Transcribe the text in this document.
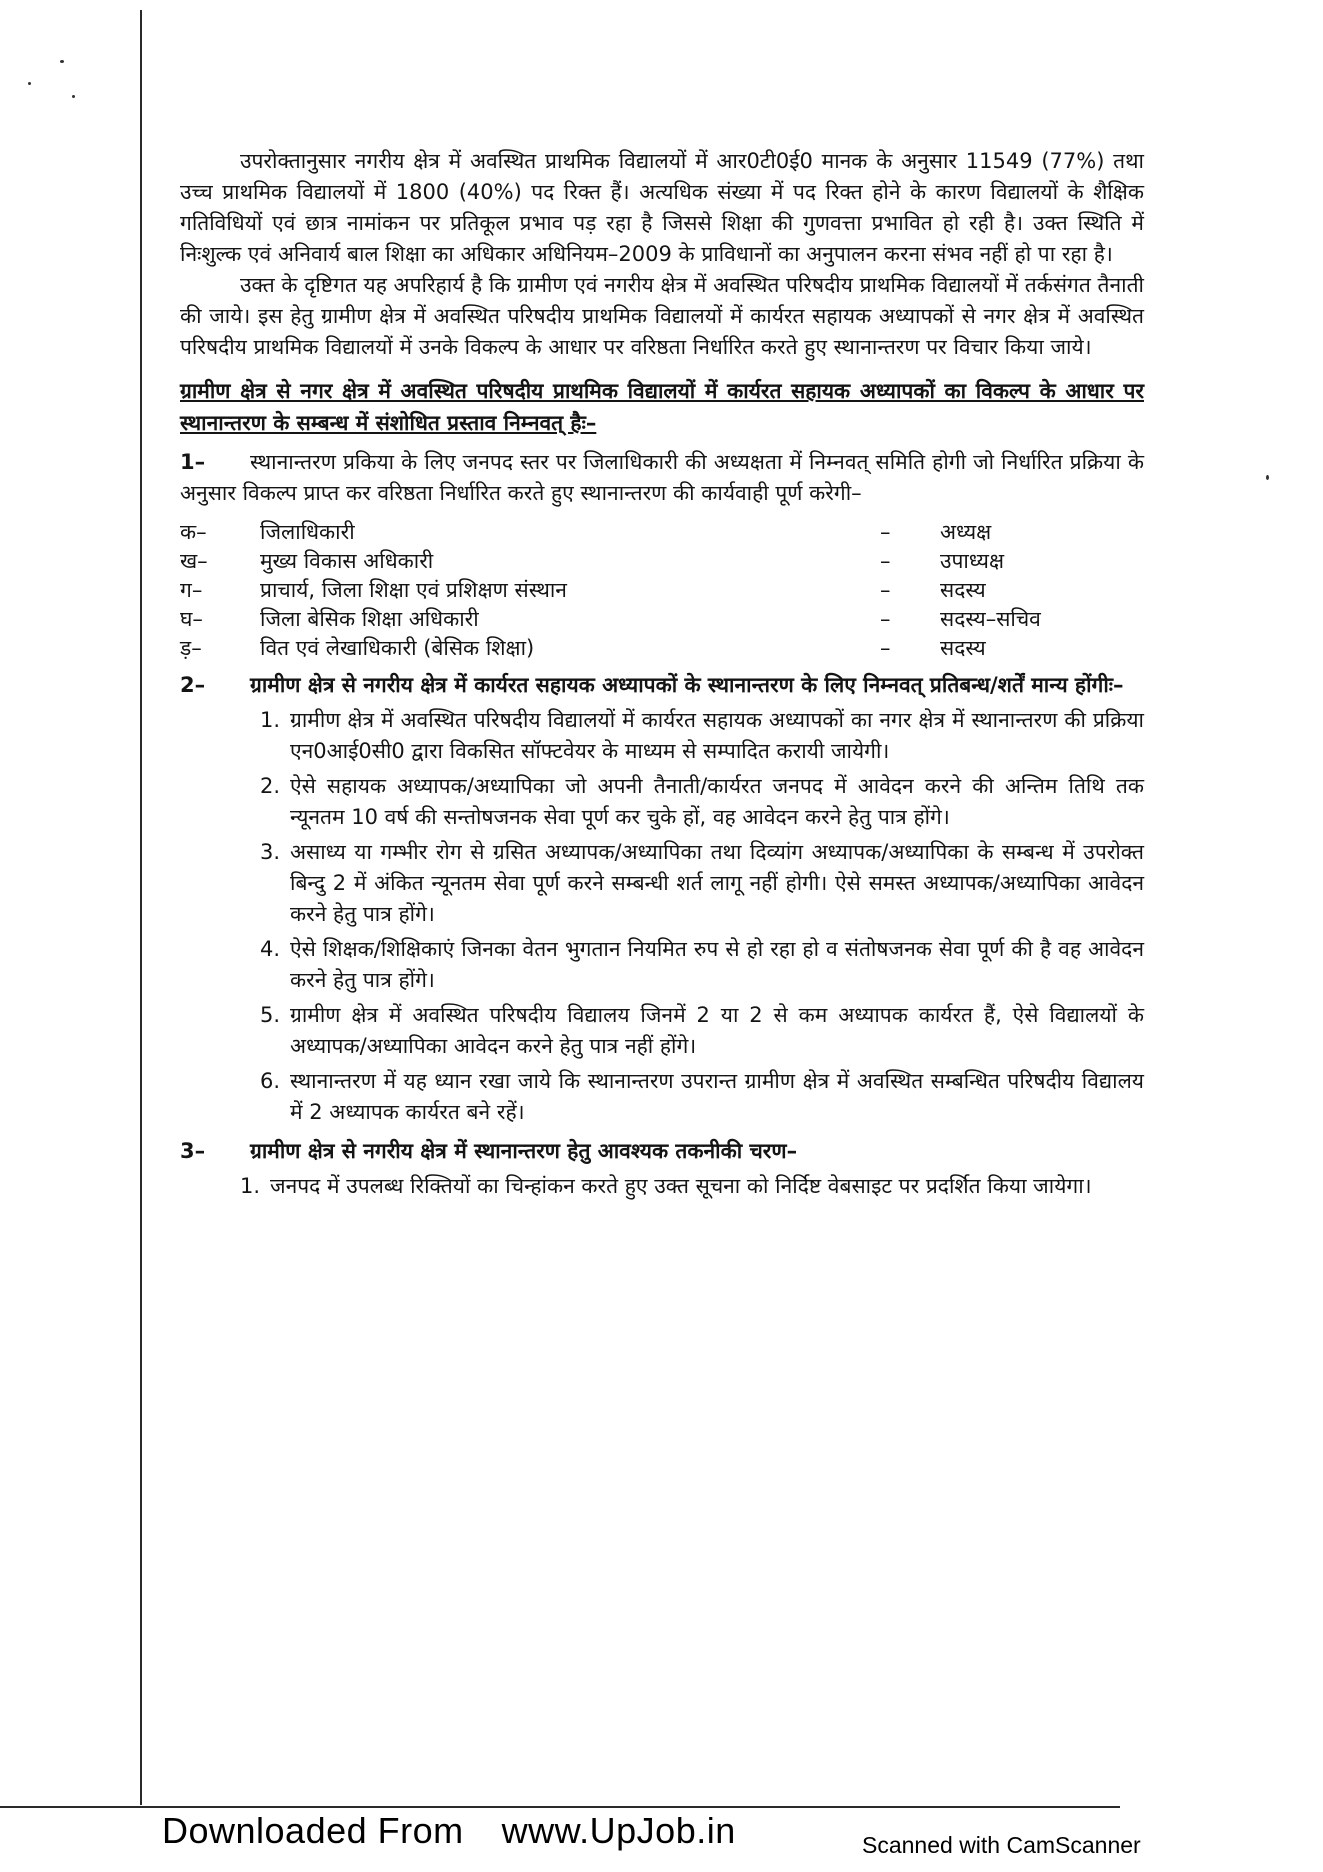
उपरोक्तानुसार नगरीय क्षेत्र में अवस्थित प्राथमिक विद्यालयों में आर0टी0ई0 मानक के अनुसार 11549 (77%) तथा उच्च प्राथमिक विद्यालयों में 1800 (40%) पद रिक्त हैं। अत्यधिक संख्या में पद रिक्त होने के कारण विद्यालयों के शैक्षिक गतिविधियों एवं छात्र नामांकन पर प्रतिकूल प्रभाव पड़ रहा है जिससे शिक्षा की गुणवत्ता प्रभावित हो रही है। उक्त स्थिति में निःशुल्क एवं अनिवार्य बाल शिक्षा का अधिकार अधिनियम–2009 के प्राविधानों का अनुपालन करना संभव नहीं हो पा रहा है।

उक्त के दृष्टिगत यह अपरिहार्य है कि ग्रामीण एवं नगरीय क्षेत्र में अवस्थित परिषदीय प्राथमिक विद्यालयों में तर्कसंगत तैनाती की जाये। इस हेतु ग्रामीण क्षेत्र में अवस्थित परिषदीय प्राथमिक विद्यालयों में कार्यरत सहायक अध्यापकों से नगर क्षेत्र में अवस्थित परिषदीय प्राथमिक विद्यालयों में उनके विकल्प के आधार पर वरिष्ठता निर्धारित करते हुए स्थानान्तरण पर विचार किया जाये।

ग्रामीण क्षेत्र से नगर क्षेत्र में अवस्थित परिषदीय प्राथमिक विद्यालयों में कार्यरत सहायक अध्यापकों का विकल्प के आधार पर स्थानान्तरण के सम्बन्ध में संशोधित प्रस्ताव निम्नवत् हैः–

1– स्थानान्तरण प्रकिया के लिए जनपद स्तर पर जिलाधिकारी की अध्यक्षता में निम्नवत् समिति होगी जो निर्धारित प्रक्रिया के अनुसार विकल्प प्राप्त कर वरिष्ठता निर्धारित करते हुए स्थानान्तरण की कार्यवाही पूर्ण करेगी–
क–	जिलाधिकारी	–	अध्यक्ष
ख–	मुख्य विकास अधिकारी	–	उपाध्यक्ष
ग–	प्राचार्य, जिला शिक्षा एवं प्रशिक्षण संस्थान	–	सदस्य
घ–	जिला बेसिक शिक्षा अधिकारी	–	सदस्य–सचिव
ड़–	वित एवं लेखाधिकारी (बेसिक शिक्षा)	–	सदस्य
2– ग्रामीण क्षेत्र से नगरीय क्षेत्र में कार्यरत सहायक अध्यापकों के स्थानान्तरण के लिए निम्नवत् प्रतिबन्ध/शर्तें मान्य होंगीः–
1. ग्रामीण क्षेत्र में अवस्थित परिषदीय विद्यालयों में कार्यरत सहायक अध्यापकों का नगर क्षेत्र में स्थानान्तरण की प्रक्रिया एन0आई0सी0 द्वारा विकसित सॉफ्टवेयर के माध्यम से सम्पादित करायी जायेगी।
2. ऐसे सहायक अध्यापक/अध्यापिका जो अपनी तैनाती/कार्यरत जनपद में आवेदन करने की अन्तिम तिथि तक न्यूनतम 10 वर्ष की सन्तोषजनक सेवा पूर्ण कर चुके हों, वह आवेदन करने हेतु पात्र होंगे।
3. असाध्य या गम्भीर रोग से ग्रसित अध्यापक/अध्यापिका तथा दिव्यांग अध्यापक/अध्यापिका के सम्बन्ध में उपरोक्त बिन्दु 2 में अंकित न्यूनतम सेवा पूर्ण करने सम्बन्धी शर्त लागू नहीं होगी। ऐसे समस्त अध्यापक/अध्यापिका आवेदन करने हेतु पात्र होंगे।
4. ऐसे शिक्षक/शिक्षिकाएं जिनका वेतन भुगतान नियमित रुप से हो रहा हो व संतोषजनक सेवा पूर्ण की है वह आवेदन करने हेतु पात्र होंगे।
5. ग्रामीण क्षेत्र में अवस्थित परिषदीय विद्यालय जिनमें 2 या 2 से कम अध्यापक कार्यरत हैं, ऐसे विद्यालयों के अध्यापक/अध्यापिका आवेदन करने हेतु पात्र नहीं होंगे।
6. स्थानान्तरण में यह ध्यान रखा जाये कि स्थानान्तरण उपरान्त ग्रामीण क्षेत्र में अवस्थित सम्बन्धित परिषदीय विद्यालय में 2 अध्यापक कार्यरत बने रहें।
3– ग्रामीण क्षेत्र से नगरीय क्षेत्र में स्थानान्तरण हेतु आवश्यक तकनीकी चरण–
1. जनपद में उपलब्ध रिक्तियों का चिन्हांकन करते हुए उक्त सूचना को निर्दिष्ट वेबसाइट पर प्रदर्शित किया जायेगा।
Downloaded From www.UpJob.in	Scanned with CamScanner
